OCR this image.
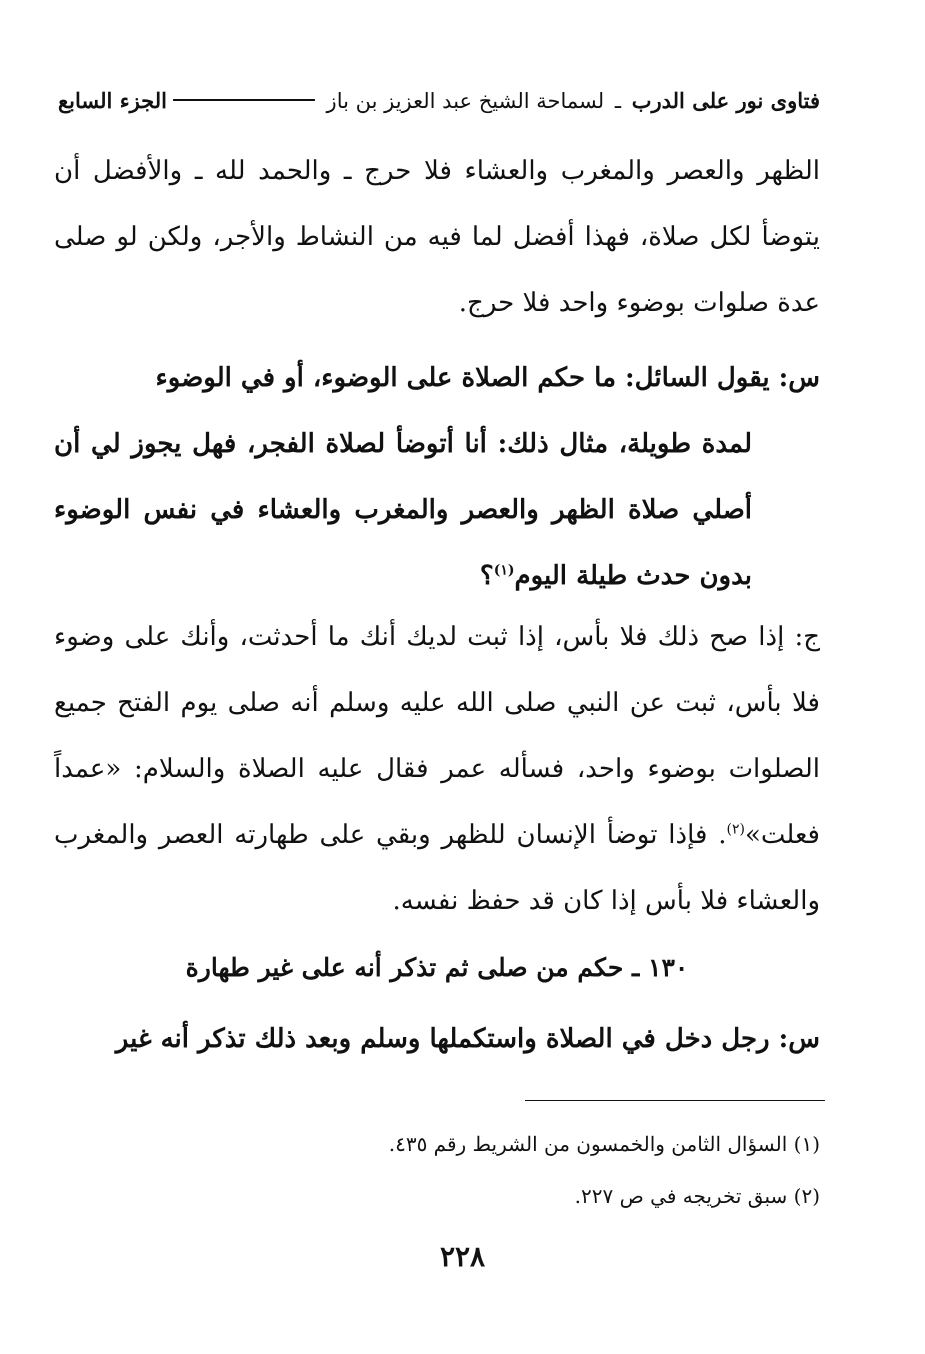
فتاوى نور على الدرب ـ لسماحة الشيخ عبد العزيز بن باز
الجزء السابع
الظهر والعصر والمغرب والعشاء فلا حرج ـ والحمد لله ـ والأفضل أن يتوضأ لكل صلاة، فهذا أفضل لما فيه من النشاط والأجر، ولكن لو صلى عدة صلوات بوضوء واحد فلا حرج.
س: يقول السائل: ما حكم الصلاة على الوضوء، أو في الوضوء
لمدة طويلة، مثال ذلك: أنا أتوضأ لصلاة الفجر، فهل يجوز لي أن أصلي صلاة الظهر والعصر والمغرب والعشاء في نفس الوضوء بدون حدث طيلة اليوم$^{(١)}$؟
ج: إذا صح ذلك فلا بأس، إذا ثبت لديك أنك ما أحدثت، وأنك على وضوء فلا بأس، ثبت عن النبي صلى الله عليه وسلم أنه صلى يوم الفتح جميع الصلوات بوضوء واحد، فسأله عمر فقال عليه الصلاة والسلام: «عمداً فعلت»$^{(٢)}$. فإذا توضأ الإنسان للظهر وبقي على طهارته العصر والمغرب والعشاء فلا بأس إذا كان قد حفظ نفسه.
١٣٠ ـ حكم من صلى ثم تذكر أنه على غير طهارة
س: رجل دخل في الصلاة واستكملها وسلم وبعد ذلك تذكر أنه غير
(١) السؤال الثامن والخمسون من الشريط رقم ٤٣٥.
(٢) سبق تخريجه في ص ٢٢٧.
٢٢٨
